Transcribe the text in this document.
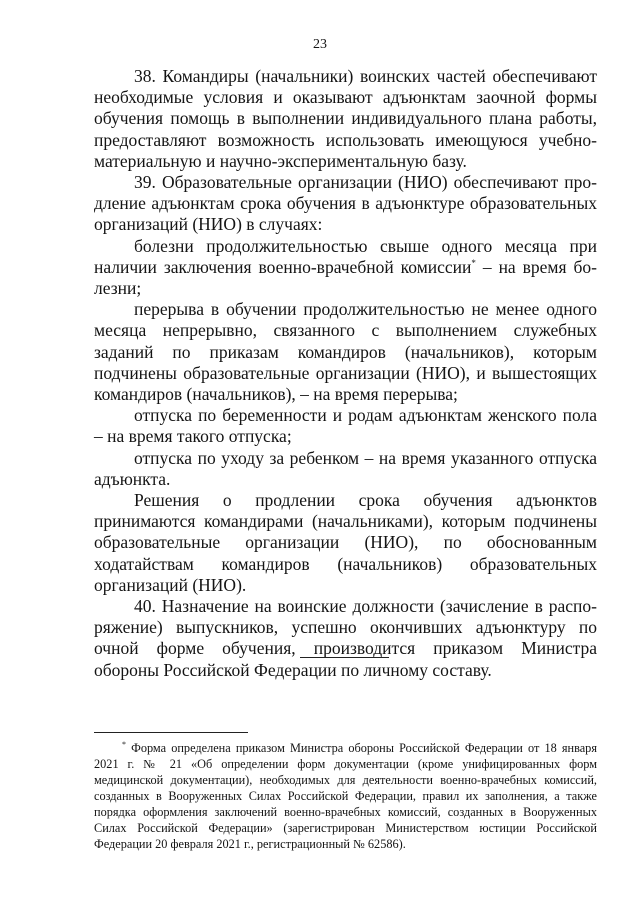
23

38. Командиры (начальники) воинских частей обеспечивают необходимые условия и оказывают адъюнктам заочной формы обучения помощь в выполнении индивидуального плана работы, предоставляют возможность использовать имеющуюся учебно-материальную и научно-экспериментальную базу.

39. Образовательные организации (НИО) обеспечивают продление адъюнктам срока обучения в адъюнктуре образовательных организаций (НИО) в случаях:

болезни продолжительностью свыше одного месяца при наличии заключения военно-врачебной комиссии* – на время болезни;

перерыва в обучении продолжительностью не менее одного месяца непрерывно, связанного с выполнением служебных заданий по приказам командиров (начальников), которым подчинены образовательные организации (НИО), и вышестоящих командиров (начальников), – на время перерыва;

отпуска по беременности и родам адъюнктам женского пола – на время такого отпуска;

отпуска по уходу за ребенком – на время указанного отпуска адъюнкта.

Решения о продлении срока обучения адъюнктов принимаются командирами (начальниками), которым подчинены образовательные организации (НИО), по обоснованным ходатайствам командиров (начальников) образовательных организаций (НИО).

40. Назначение на воинские должности (зачисление в распоряжение) выпускников, успешно окончивших адъюнктуру по очной форме обучения, производится приказом Министра обороны Российской Федерации по личному составу.

* Форма определена приказом Министра обороны Российской Федерации от 18 января 2021 г. № 21 «Об определении форм документации (кроме унифицированных форм медицинской документации), необходимых для деятельности военно-врачебных комиссий, созданных в Вооруженных Силах Российской Федерации, правил их заполнения, а также порядка оформления заключений военно-врачебных комиссий, созданных в Вооруженных Силах Российской Федерации» (зарегистрирован Министерством юстиции Российской Федерации 20 февраля 2021 г., регистрационный № 62586).
